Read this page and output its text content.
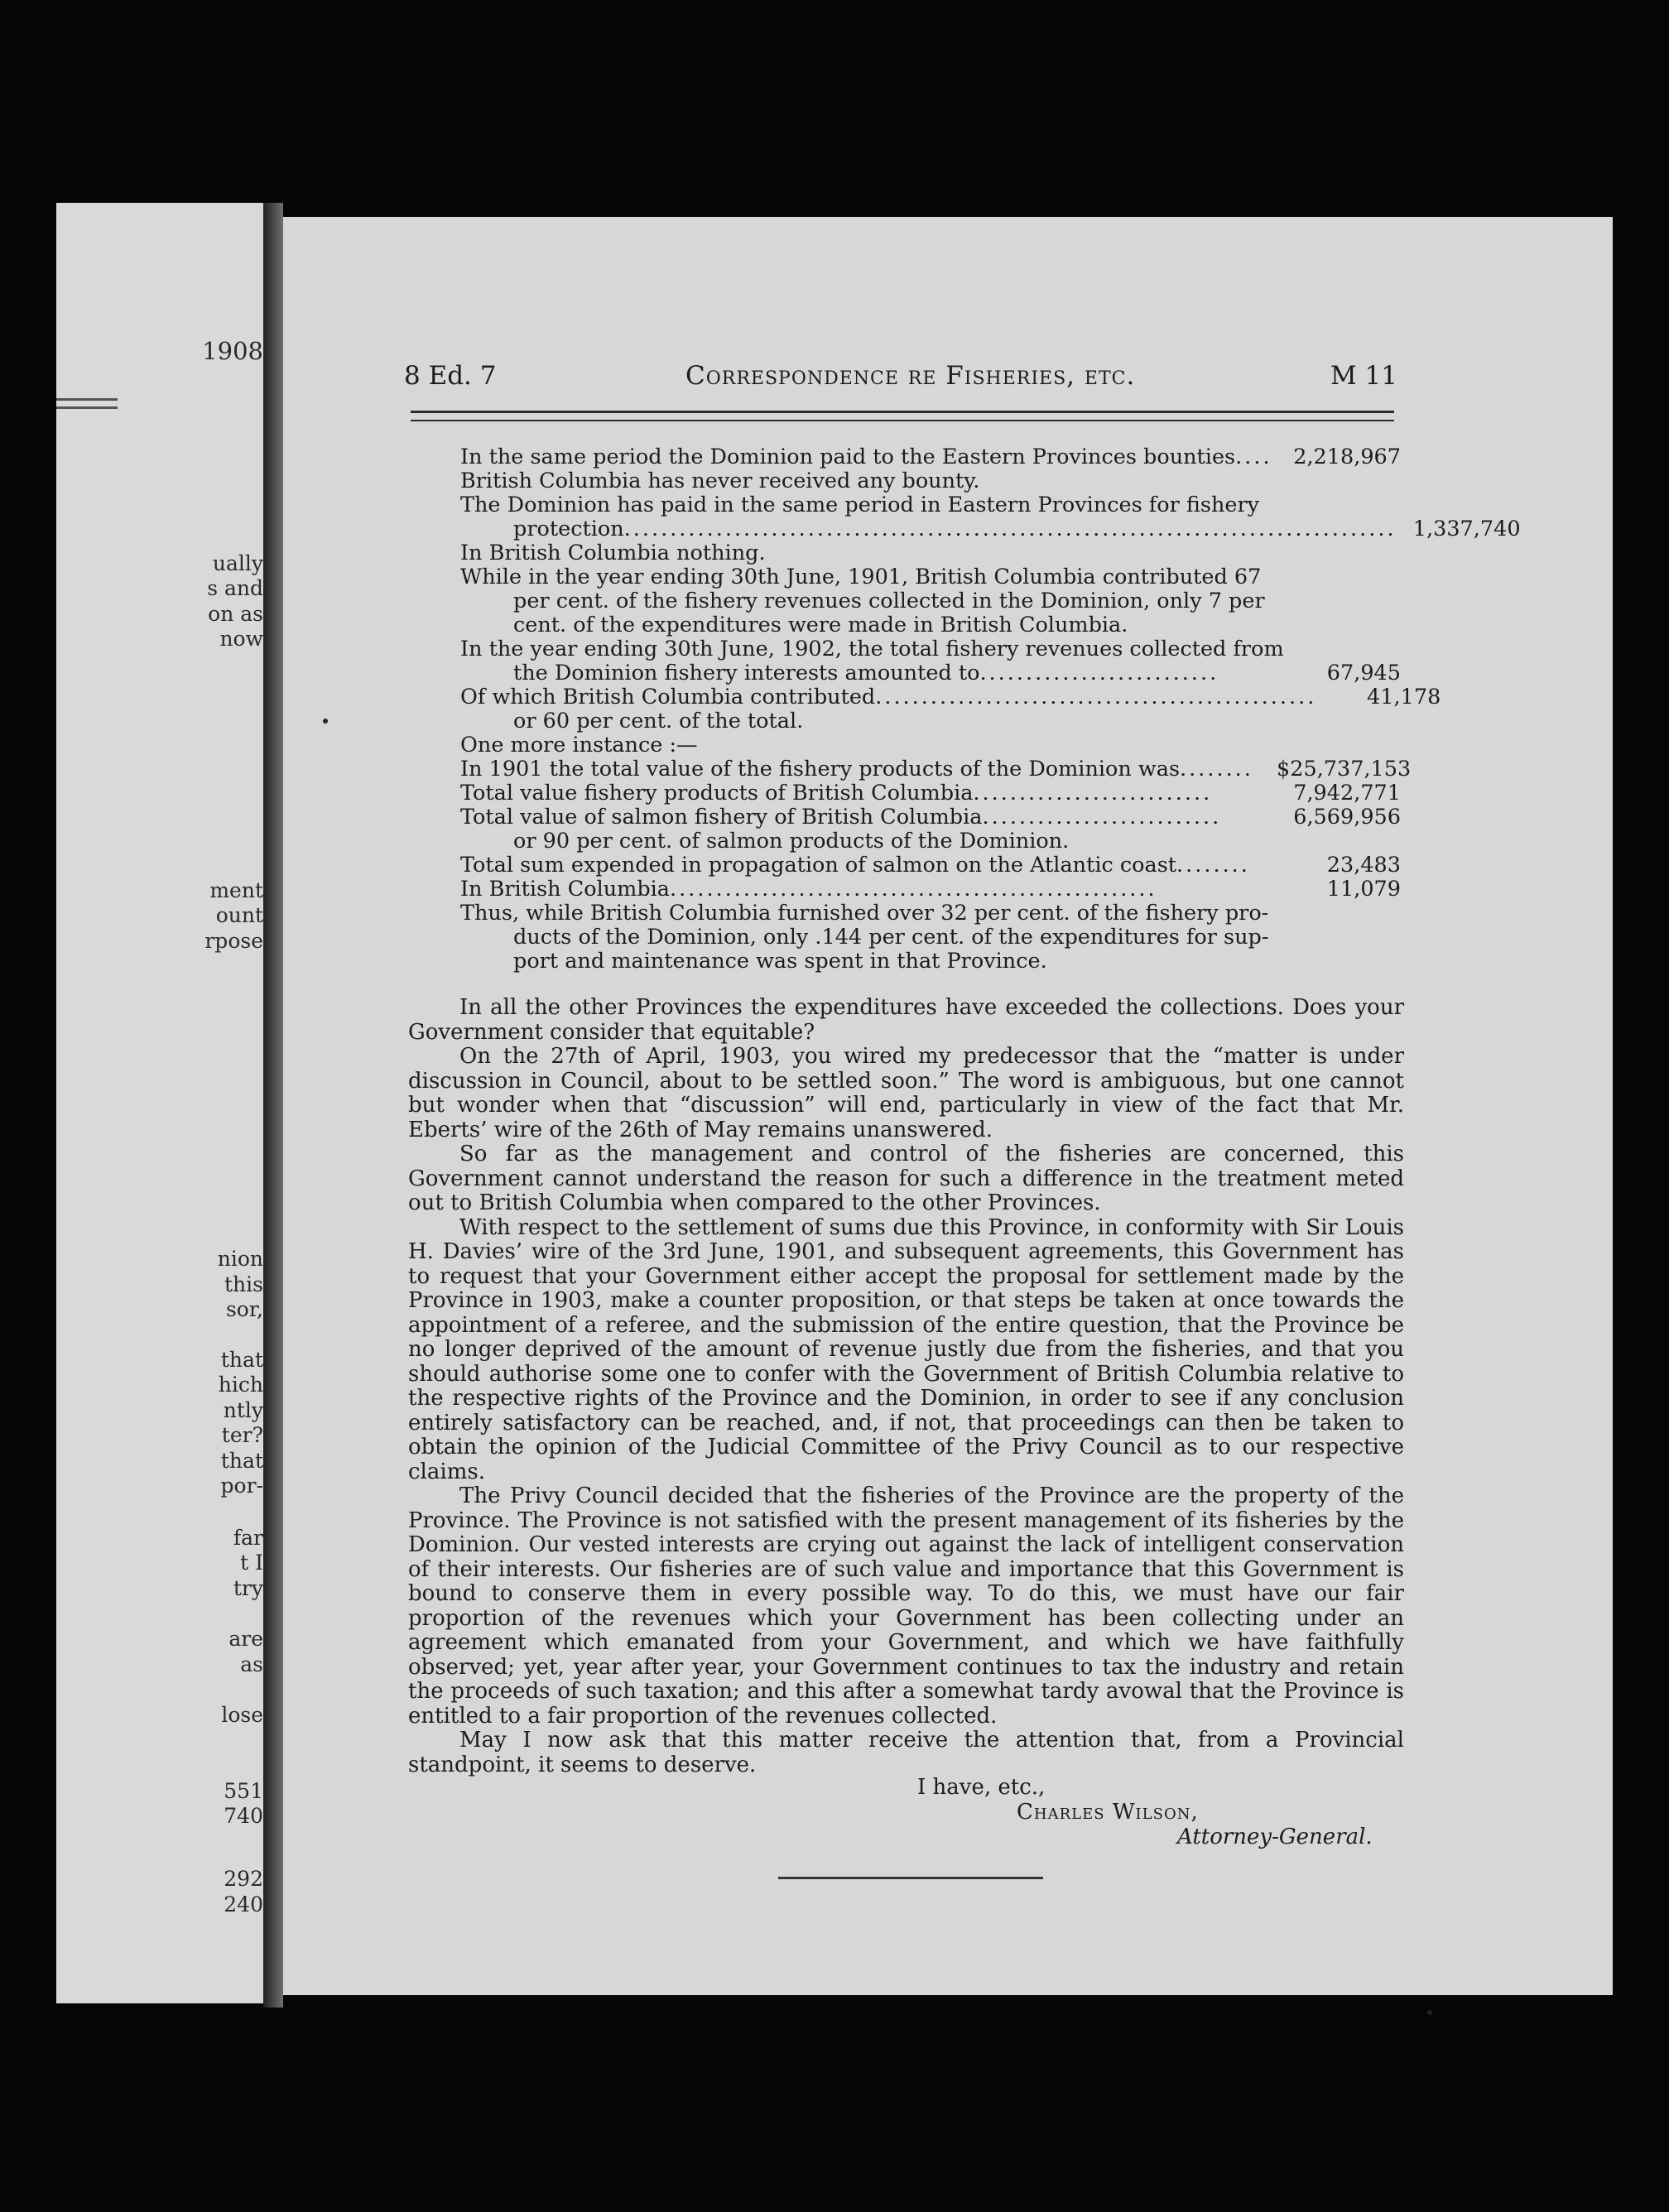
1908
ually
s and
on as
now
ment
ount
rpose
nion
this
sor,
that
hich
ntly
ter?
that
por-
far
t I
try
are
as
lose
551
740
292
240
8 Ed. 7	Correspondence re Fisheries, etc.	M 11
In the same period the Dominion paid to the Eastern Provinces bounties ....	2,218,967
British Columbia has never received any bounty.
The Dominion has paid in the same period in Eastern Provinces for fishery
protection .................................................................................... 1,337,740
In British Columbia nothing.
While in the year ending 30th June, 1901, British Columbia contributed 67
per cent. of the fishery revenues collected in the Dominion, only 7 per
cent. of the expenditures were made in British Columbia.
In the year ending 30th June, 1902, the total fishery revenues collected from
the Dominion fishery interests amounted to ..........................	67,945
Of which British Columbia contributed ................................................	41,178
or 60 per cent. of the total.
One more instance :—
In 1901 the total value of the fishery products of the Dominion was ........	$25,737,153
Total value fishery products of British Columbia ..........................	7,942,771
Total value of salmon fishery of British Columbia ..........................	6,569,956
or 90 per cent. of salmon products of the Dominion.
Total sum expended in propagation of salmon on the Atlantic coast ........	23,483
In British Columbia .....................................................	11,079
Thus, while British Columbia furnished over 32 per cent. of the fishery pro-
ducts of the Dominion, only .144 per cent. of the expenditures for sup-
port and maintenance was spent in that Province.

In all the other Provinces the expenditures have exceeded the collections. Does your Government consider that equitable?

On the 27th of April, 1903, you wired my predecessor that the “matter is under discussion in Council, about to be settled soon.” The word is ambiguous, but one cannot but wonder when that “discussion” will end, particularly in view of the fact that Mr. Eberts’ wire of the 26th of May remains unanswered.

So far as the management and control of the fisheries are concerned, this Government cannot understand the reason for such a difference in the treatment meted out to British Columbia when compared to the other Provinces.

With respect to the settlement of sums due this Province, in conformity with Sir Louis H. Davies’ wire of the 3rd June, 1901, and subsequent agreements, this Government has to request that your Government either accept the proposal for settlement made by the Province in 1903, make a counter proposition, or that steps be taken at once towards the appointment of a referee, and the submission of the entire question, that the Province be no longer deprived of the amount of revenue justly due from the fisheries, and that you should authorise some one to confer with the Government of British Columbia relative to the respective rights of the Province and the Dominion, in order to see if any conclusion entirely satisfactory can be reached, and, if not, that proceedings can then be taken to obtain the opinion of the Judicial Committee of the Privy Council as to our respective claims.

The Privy Council decided that the fisheries of the Province are the property of the Province. The Province is not satisfied with the present management of its fisheries by the Dominion. Our vested interests are crying out against the lack of intelligent conservation of their interests. Our fisheries are of such value and importance that this Government is bound to conserve them in every possible way. To do this, we must have our fair proportion of the revenues which your Government has been collecting under an agreement which emanated from your Government, and which we have faithfully observed; yet, year after year, your Government continues to tax the industry and retain the proceeds of such taxation; and this after a somewhat tardy avowal that the Province is entitled to a fair proportion of the revenues collected.

May I now ask that this matter receive the attention that, from a Provincial standpoint, it seems to deserve.

I have, etc.,
Charles Wilson,
Attorney-General.
